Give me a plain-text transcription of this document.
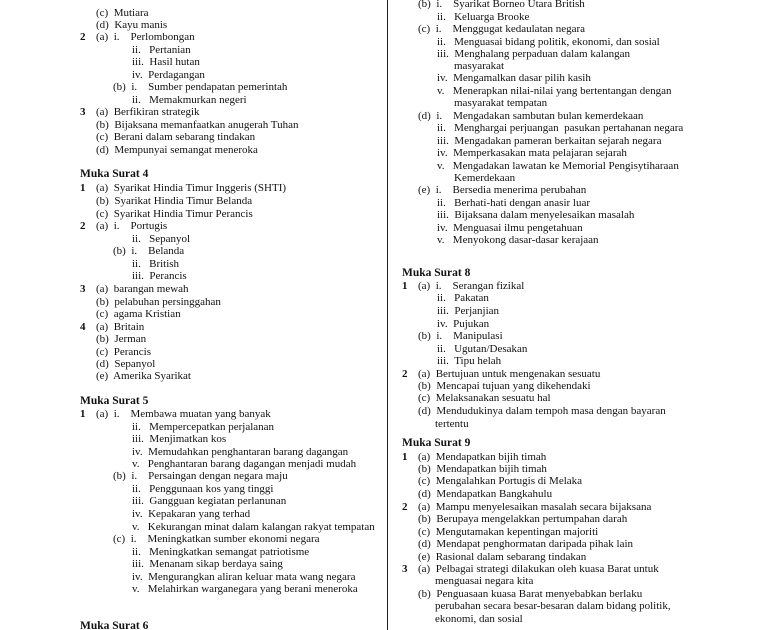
(c)  Mutiara
(d)  Kayu manis
2 (a)  i.    Perlombongan
ii.   Pertanian
iii.  Hasil hutan
iv.  Perdagangan
(b)  i.    Sumber pendapatan pemerintah
ii.   Memakmurkan negeri
3 (a)  Berfikiran strategik
(b)  Bijaksana memanfaatkan anugerah Tuhan
(c)  Berani dalam sebarang tindakan
(d)  Mempunyai semangat meneroka
Muka Surat 4
1 (a)  Syarikat Hindia Timur Inggeris (SHTI)
(b)  Syarikat Hindia Timur Belanda
(c)  Syarikat Hindia Timur Perancis
2 (a)  i.    Portugis
ii.   Sepanyol
(b)  i.    Belanda
ii.   British
iii.  Perancis
3 (a)  barangan mewah
(b)  pelabuhan persinggahan
(c)  agama Kristian
4 (a)  Britain
(b)  Jerman
(c)  Perancis
(d)  Sepanyol
(e)  Amerika Syarikat
Muka Surat 5
1 (a)  i.    Membawa muatan yang banyak
ii.   Mempercepatkan perjalanan
iii.  Menjimatkan kos
iv.  Memudahkan penghantaran barang dagangan
v.   Penghantaran barang dagangan menjadi mudah
(b)  i.    Persaingan dengan negara maju
ii.   Penggunaan kos yang tinggi
iii.  Gangguan kegiatan perlanunan
iv.  Kepakaran yang terhad
v.   Kekurangan minat dalam kalangan rakyat tempatan
(c)  i.    Meningkatkan sumber ekonomi negara
ii.   Meningkatkan semangat patriotisme
iii.  Menanam sikap berdaya saing
iv.  Mengurangkan aliran keluar mata wang negara
v.   Melahirkan warganegara yang berani meneroka
Muka Surat 6
(b)  i.    Syarikat Borneo Utara British
ii.   Keluarga Brooke
(c)  i.    Menggugat kedaulatan negara
ii.   Menguasai bidang politik, ekonomi, dan sosial
iii.  Menghalang perpaduan dalam kalangan
masyarakat
iv.  Mengamalkan dasar pilih kasih
v.   Menerapkan nilai-nilai yang bertentangan dengan
masyarakat tempatan
(d)  i.    Mengadakan sambutan bulan kemerdekaan
ii.   Menghargai perjuangan  pasukan pertahanan negara
iii.  Mengadakan pameran berkaitan sejarah negara
iv.  Memperkasakan mata pelajaran sejarah
v.   Mengadakan lawatan ke Memorial Pengisytiharaan
Kemerdekaan
(e)  i.    Bersedia menerima perubahan
ii.   Berhati-hati dengan anasir luar
iii.  Bijaksana dalam menyelesaikan masalah
iv.  Menguasai ilmu pengetahuan
v.   Menyokong dasar-dasar kerajaan
Muka Surat 8
1 (a)  i.    Serangan fizikal
ii.   Pakatan
iii.  Perjanjian
iv.  Pujukan
(b)  i.    Manipulasi
ii.   Ugutan/Desakan
iii.  Tipu helah
2 (a)  Bertujuan untuk mengenakan sesuatu
(b)  Mencapai tujuan yang dikehendaki
(c)  Melaksanakan sesuatu hal
(d)  Mendudukinya dalam tempoh masa dengan bayaran
tertentu
Muka Surat 9
1 (a)  Mendapatkan bijih timah
(b)  Mendapatkan bijih timah
(c)  Mengalahkan Portugis di Melaka
(d)  Mendapatkan Bangkahulu
2 (a)  Mampu menyelesaikan masalah secara bijaksana
(b)  Berupaya mengelakkan pertumpahan darah
(c)  Mengutamakan kepentingan majoriti
(d)  Mendapat penghormatan daripada pihak lain
(e)  Rasional dalam sebarang tindakan
3 (a)  Pelbagai strategi dilakukan oleh kuasa Barat untuk
menguasai negara kita
(b)  Penguasaan kuasa Barat menyebabkan berlaku
perubahan secara besar-besaran dalam bidang politik,
ekonomi, dan sosial
